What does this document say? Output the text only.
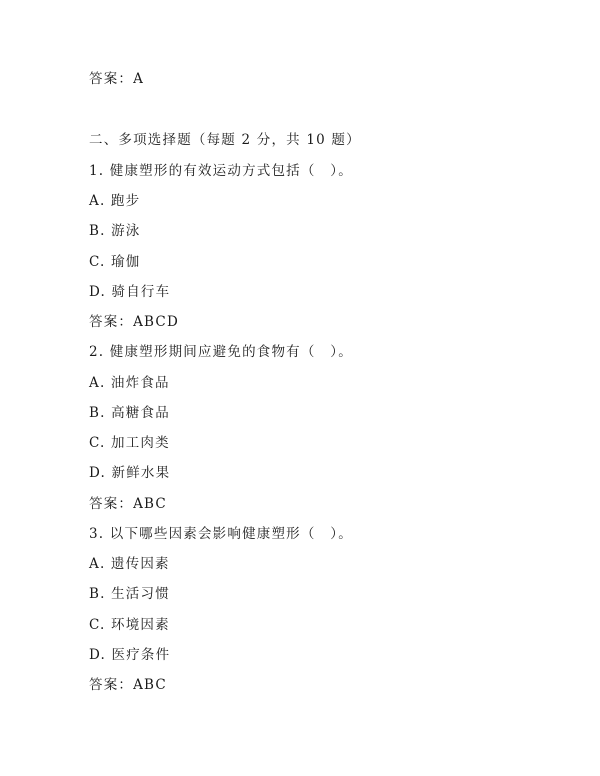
答案：A
二、多项选择题（每题 2 分，共 10 题）
1. 健康塑形的有效运动方式包括（　）。
A. 跑步
B. 游泳
C. 瑜伽
D. 骑自行车
答案：ABCD
2. 健康塑形期间应避免的食物有（　）。
A. 油炸食品
B. 高糖食品
C. 加工肉类
D. 新鲜水果
答案：ABC
3. 以下哪些因素会影响健康塑形（　）。
A. 遗传因素
B. 生活习惯
C. 环境因素
D. 医疗条件
答案：ABC
